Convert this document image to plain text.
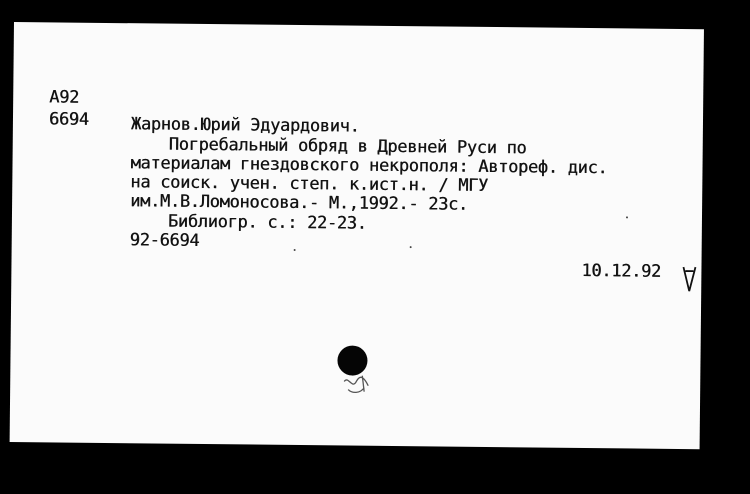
А92
6694 Жарнов.Юрий Эдуардович.
Погребальный обряд в Древней Руси по
материалам гнездовского некрополя: Автореф. дис.
на соиск. учен. степ. к.ист.н. / МГУ
им.М.В.Ломоносова.- М.,1992.- 23с.
Библиогр. с.: 22-23.
92-6694
10.12.92
